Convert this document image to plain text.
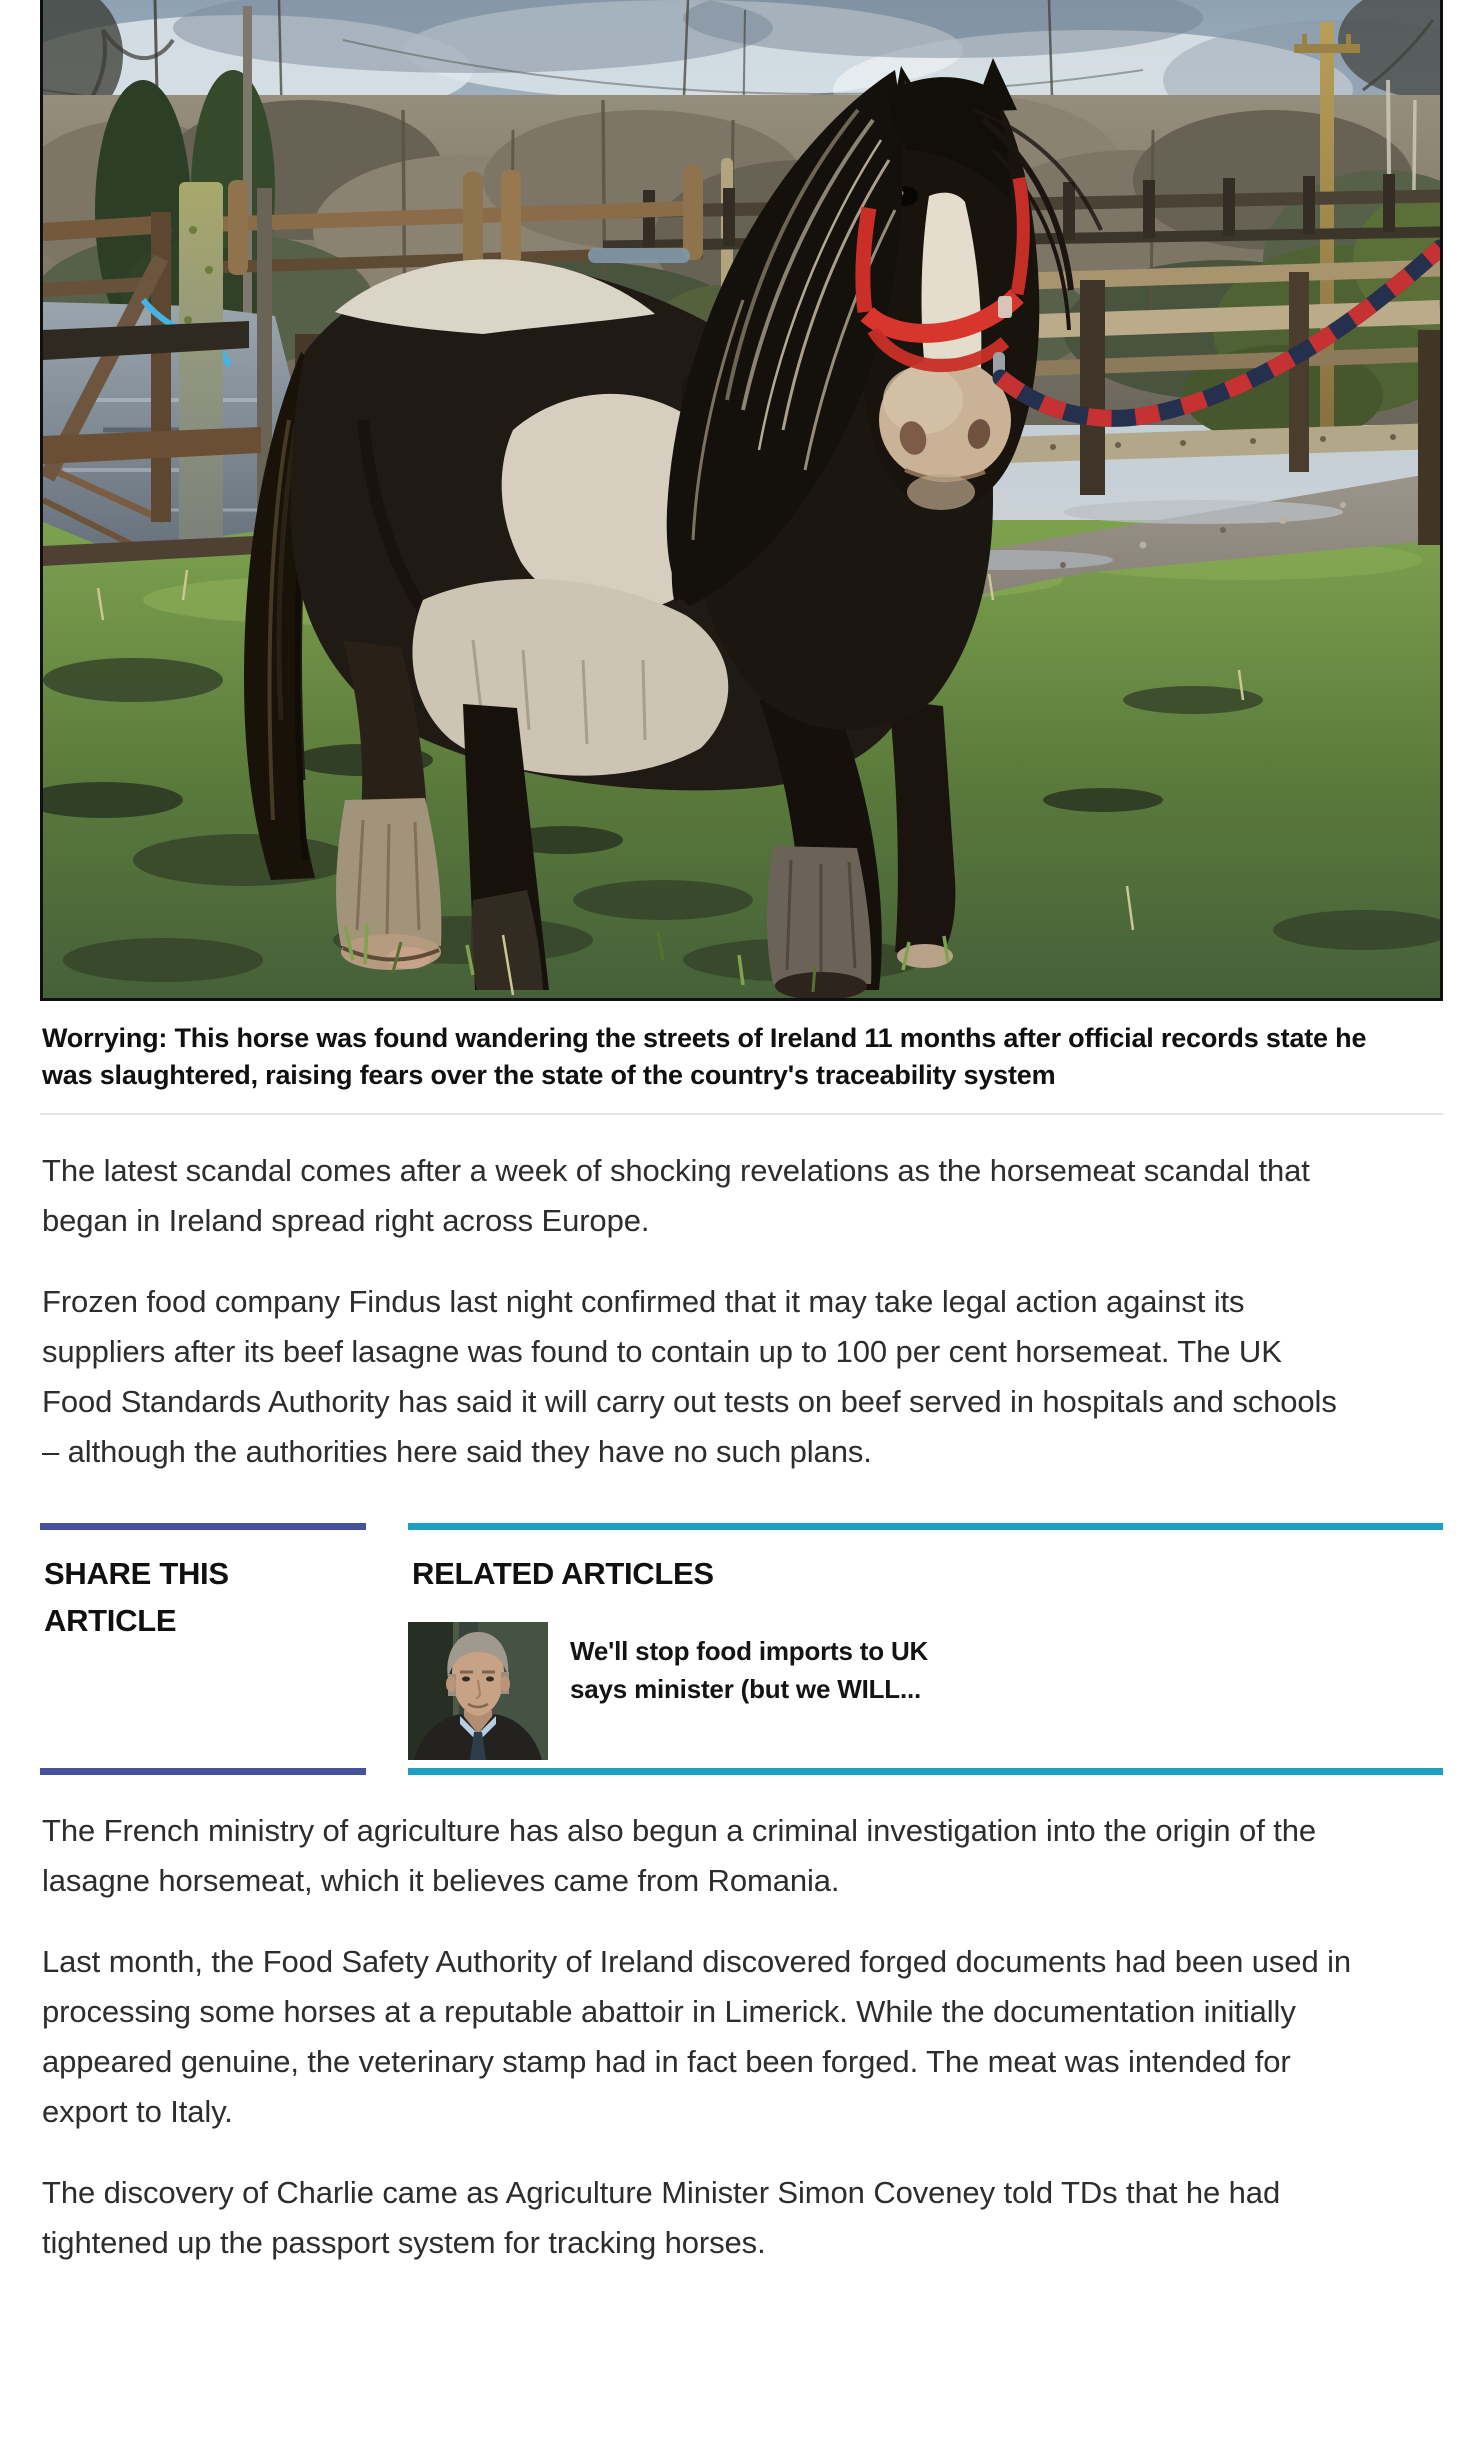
Worrying: This horse was found wandering the streets of Ireland 11 months after official records state he was slaughtered, raising fears over the state of the country's traceability system

The latest scandal comes after a week of shocking revelations as the horsemeat scandal that began in Ireland spread right across Europe.

Frozen food company Findus last night confirmed that it may take legal action against its suppliers after its beef lasagne was found to contain up to 100 per cent horsemeat. The UK Food Standards Authority has said it will carry out tests on beef served in hospitals and schools – although the authorities here said they have no such plans.

SHARE THIS ARTICLE
RELATED ARTICLES
We'll stop food imports to UK says minister (but we WILL...

The French ministry of agriculture has also begun a criminal investigation into the origin of the lasagne horsemeat, which it believes came from Romania.

Last month, the Food Safety Authority of Ireland discovered forged documents had been used in processing some horses at a reputable abattoir in Limerick. While the documentation initially appeared genuine, the veterinary stamp had in fact been forged. The meat was intended for export to Italy.

The discovery of Charlie came as Agriculture Minister Simon Coveney told TDs that he had tightened up the passport system for tracking horses.
